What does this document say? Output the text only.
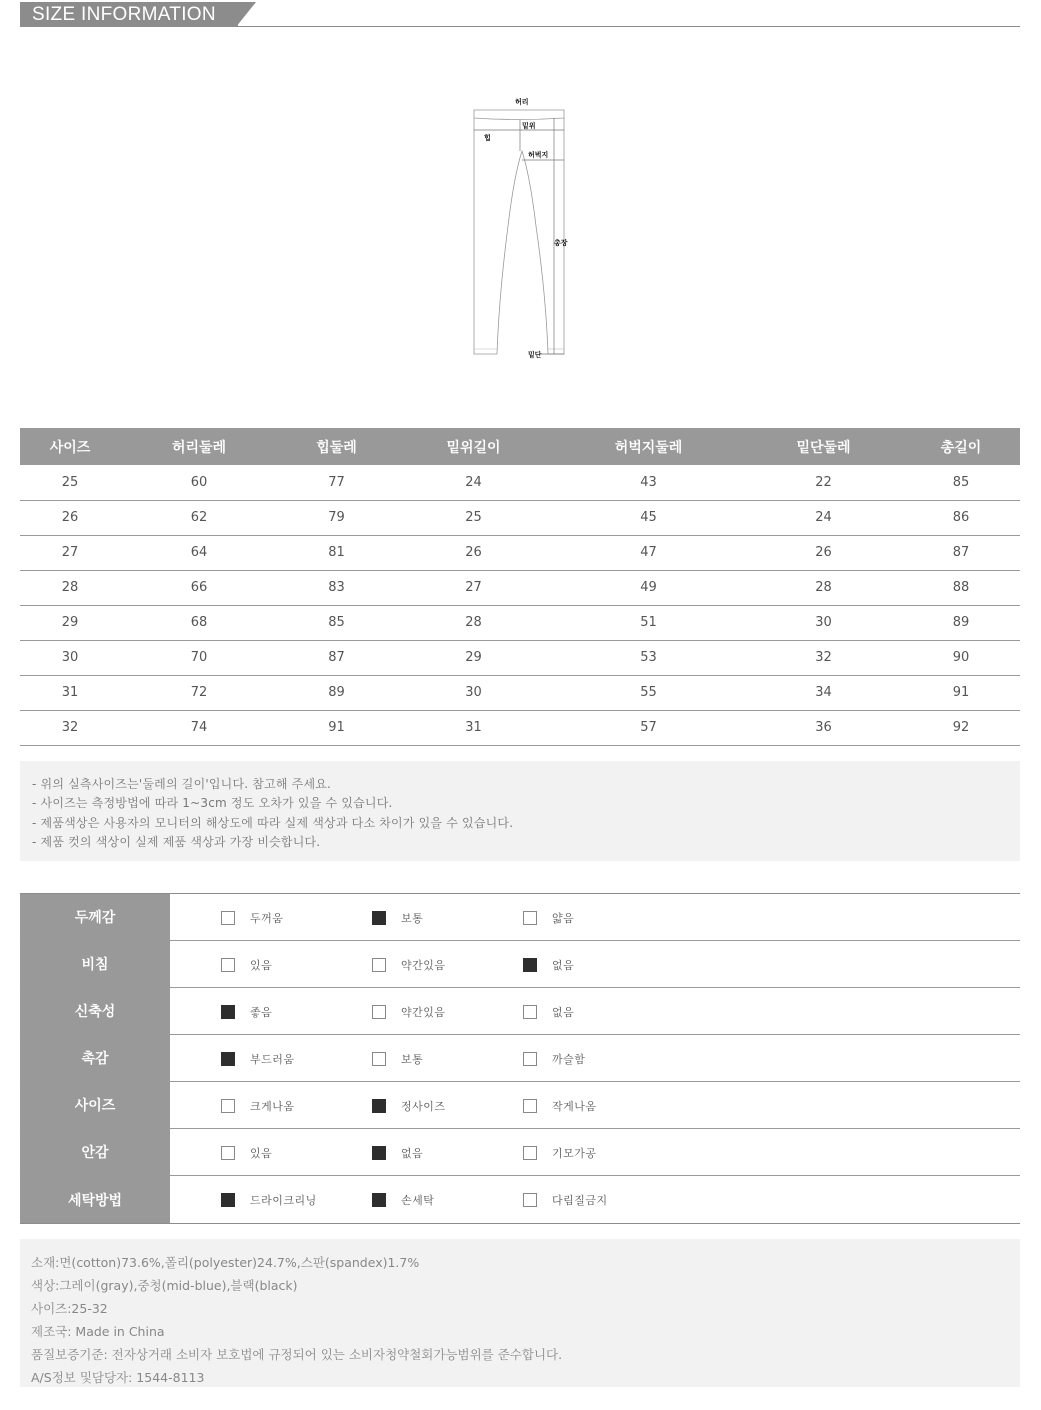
SIZE INFORMATION
허리
밑위
힙
허벅지
총장
밑단
사이즈	허리둘레	힙둘레	밑위길이	허벅지둘레	밑단둘레	총길이
25	60	77	24	43	22	85
26	62	79	25	45	24	86
27	64	81	26	47	26	87
28	66	83	27	49	28	88
29	68	85	28	51	30	89
30	70	87	29	53	32	90
31	72	89	30	55	34	91
32	74	91	31	57	36	92

- 위의 실측사이즈는'둘레의 길이'입니다. 참고해 주세요.

- 사이즈는 측정방법에 따라 1~3cm 정도 오차가 있을 수 있습니다.

- 제품색상은 사용자의 모니터의 해상도에 따라 실제 색상과 다소 차이가 있을 수 있습니다.

- 제품 컷의 색상이 실제 제품 색상과 가장 비슷합니다.

두께감	두꺼움	보통	얇음
비침	있음	약간있음	없음
신축성	좋음	약간있음	없음
촉감	부드러움	보통	까슬함
사이즈	크게나옴	정사이즈	작게나옴
안감	있음	없음	기모가공
세탁방법	드라이크리닝	손세탁	다림질금지

소재:면(cotton)73.6%,폴리(polyester)24.7%,스판(spandex)1.7%

색상:그레이(gray),중청(mid-blue),블랙(black)

사이즈:25-32

제조국: Made in China

품질보증기준: 전자상거래 소비자 보호법에 규정되어 있는 소비자청약철회가능범위를 준수합니다.

A/S정보 및담당자: 1544-8113
